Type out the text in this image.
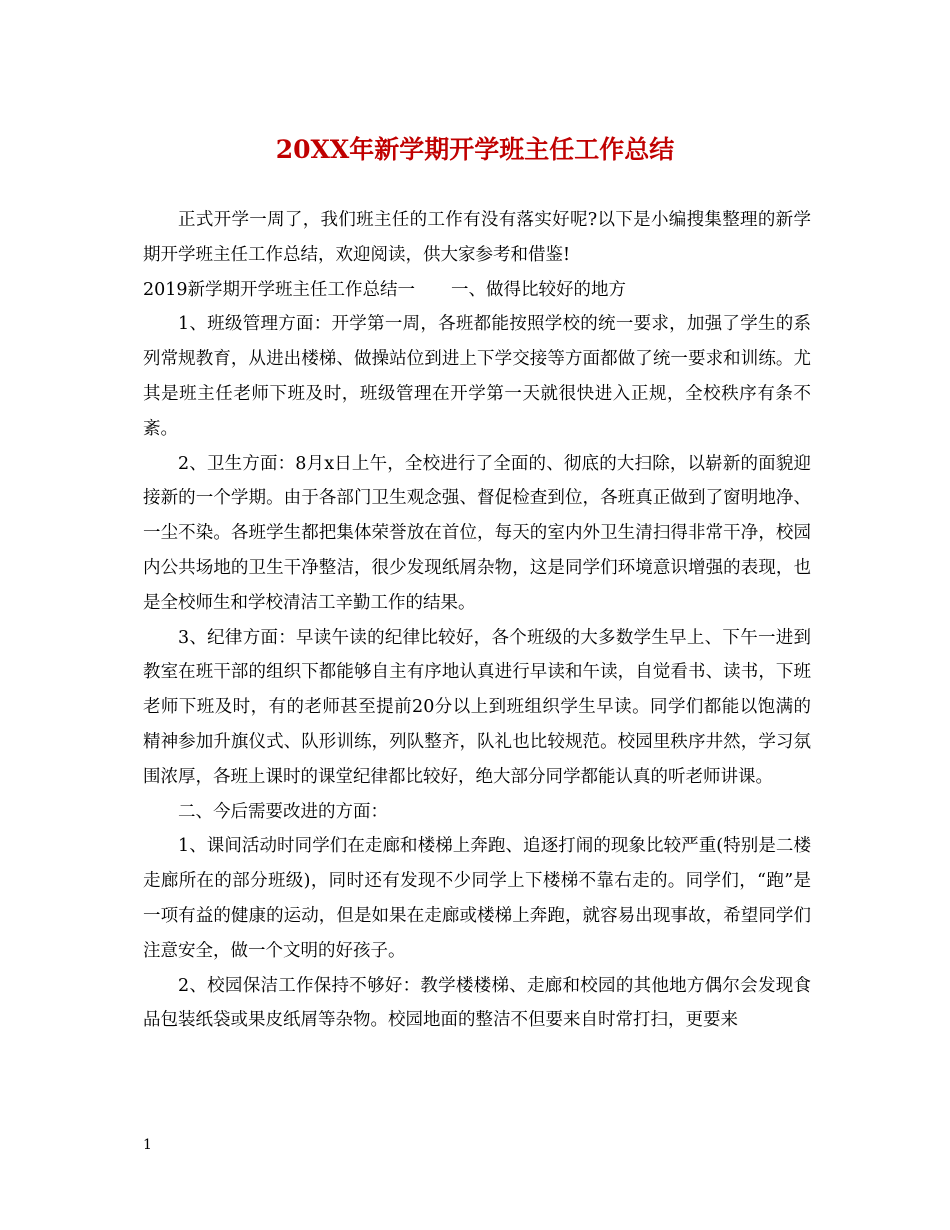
20XX年新学期开学班主任工作总结

正式开学一周了，我们班主任的工作有没有落实好呢?以下是小编搜集整理的新学期开学班主任工作总结，欢迎阅读，供大家参考和借鉴!

2019新学期开学班主任工作总结一 一、做得比较好的地方

1、班级管理方面：开学第一周，各班都能按照学校的统一要求，加强了学生的系列常规教育，从进出楼梯、做操站位到进上下学交接等方面都做了统一要求和训练。尤其是班主任老师下班及时，班级管理在开学第一天就很快进入正规，全校秩序有条不紊。

2、卫生方面：8月x日上午，全校进行了全面的、彻底的大扫除，以崭新的面貌迎接新的一个学期。由于各部门卫生观念强、督促检查到位，各班真正做到了窗明地净、一尘不染。各班学生都把集体荣誉放在首位，每天的室内外卫生清扫得非常干净，校园内公共场地的卫生干净整洁，很少发现纸屑杂物，这是同学们环境意识增强的表现，也是全校师生和学校清洁工辛勤工作的结果。

3、纪律方面：早读午读的纪律比较好，各个班级的大多数学生早上、下午一进到教室在班干部的组织下都能够自主有序地认真进行早读和午读，自觉看书、读书，下班老师下班及时，有的老师甚至提前20分以上到班组织学生早读。同学们都能以饱满的精神参加升旗仪式、队形训练，列队整齐，队礼也比较规范。校园里秩序井然，学习氛围浓厚，各班上课时的课堂纪律都比较好，绝大部分同学都能认真的听老师讲课。

二、今后需要改进的方面：

1、课间活动时同学们在走廊和楼梯上奔跑、追逐打闹的现象比较严重(特别是二楼走廊所在的部分班级)，同时还有发现不少同学上下楼梯不靠右走的。同学们，“跑”是一项有益的健康的运动，但是如果在走廊或楼梯上奔跑，就容易出现事故，希望同学们注意安全，做一个文明的好孩子。

2、校园保洁工作保持不够好：教学楼楼梯、走廊和校园的其他地方偶尔会发现食品包装纸袋或果皮纸屑等杂物。校园地面的整洁不但要来自时常打扫，更要来

1
